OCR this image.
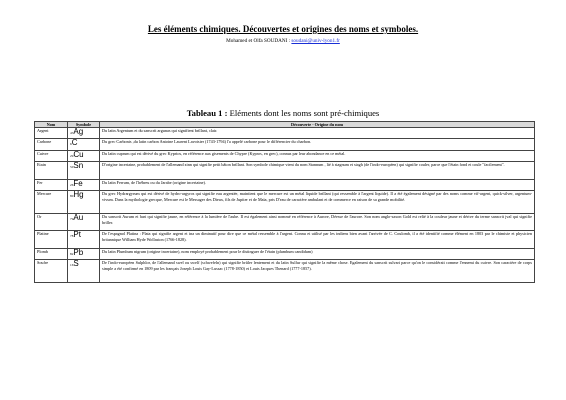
Les éléments chimiques. Découvertes et origines des noms et symboles.
Mohamed et Olfa SOUDANI : soudani@univ-lyon1.fr
Tableau 1 : Eléments dont les noms sont pré-chimiques
Nom	Symbole	Découverte - Origine du nom
Argent	47Ag	Du latin Argentum et du sanscrit argunas qui signifient brillant, clair.
Carbone	6C	Du grec Carbonis ,du latin carbon Antoine Laurent Lavoisier (1743-1794) l'a appelé carbone pour le différencier du charbon.
Cuivre	29Cu	Du latin cuprum qui est dérivé du grec Kyprios, en référence aux gisements de Chypre (Kypros, en grec), connus par leur abondance en ce métal.
Etain	50Sn	D'origine incertaine, probablement de l'allemand zinn qui signifie petit bâton brillant. Son symbole chimique vient du nom Stannum , lié à stagnum et stagh (de l'indo-européen) qui signifie couler, parce que l'étain fond et coule "facilement".
Fer	26Fe	Du latin Ferrum, de l'hébreu ou du Jarabe (origine incertaine).
Mercure	80Hg	Du grec Hydrargyrum qui est dérivé de hydro-argyros qui signifie eau argentée, maintient que le mercure est un métal liquide brillant (qui ressemble à l'argent liquide). Il a été également désigné par des noms comme vif-argent, quick-silver, argentum-vivum. Dans la mythologie grecque, Mercure est le Messager des Dieux, fils de Jupiter et de Maïa, pris D'eau de caractère ambulant et de commerce en raison de sa grande mobilité.
Or	79Au	Du sanscrit Aurum et hari qui signifie jaune, en référence à la lumière de l'aube. Il est également ainsi nommé en référence à Aurore, Déesse de l'aurore. Son nom anglo-saxon Gold est relié à la couleur jaune et dérive du terme sanscrit jval qui signifie briller.
Platine	78Pt	De l'espagnol Platina : Plata qui signifie argent et ina un diminutif pour dire que ce métal ressemble à l'argent. Connu et utilisé par les indiens bien avant l'arrivée de C. Coulomb, il a été identifié comme élément en 1803 par le chimiste et physicien britannique William Hyde Wollaston (1766-1828).
Plomb	82Pb	Du latin Plumbum nigrum (origine incertaine), nom employé probablement pour le distinguer de l'étain (plumbum candidum)
Soufre	16S	De l'indo-européen Sulphlor, de l'allemand swel ou swelf (schwefeln) qui signifie brûler lentement et du latin Sulfur qui signifie la même chose. Egalement du sanscrit sulvari parce qu'on le considérait comme l'ennemi du cuivre. Son caractère de corps simple a été confirmé en 1809 par les français Joseph Louis Gay-Lussac (1778-1850) et Louis Jacques Thenard (1777-1857).
